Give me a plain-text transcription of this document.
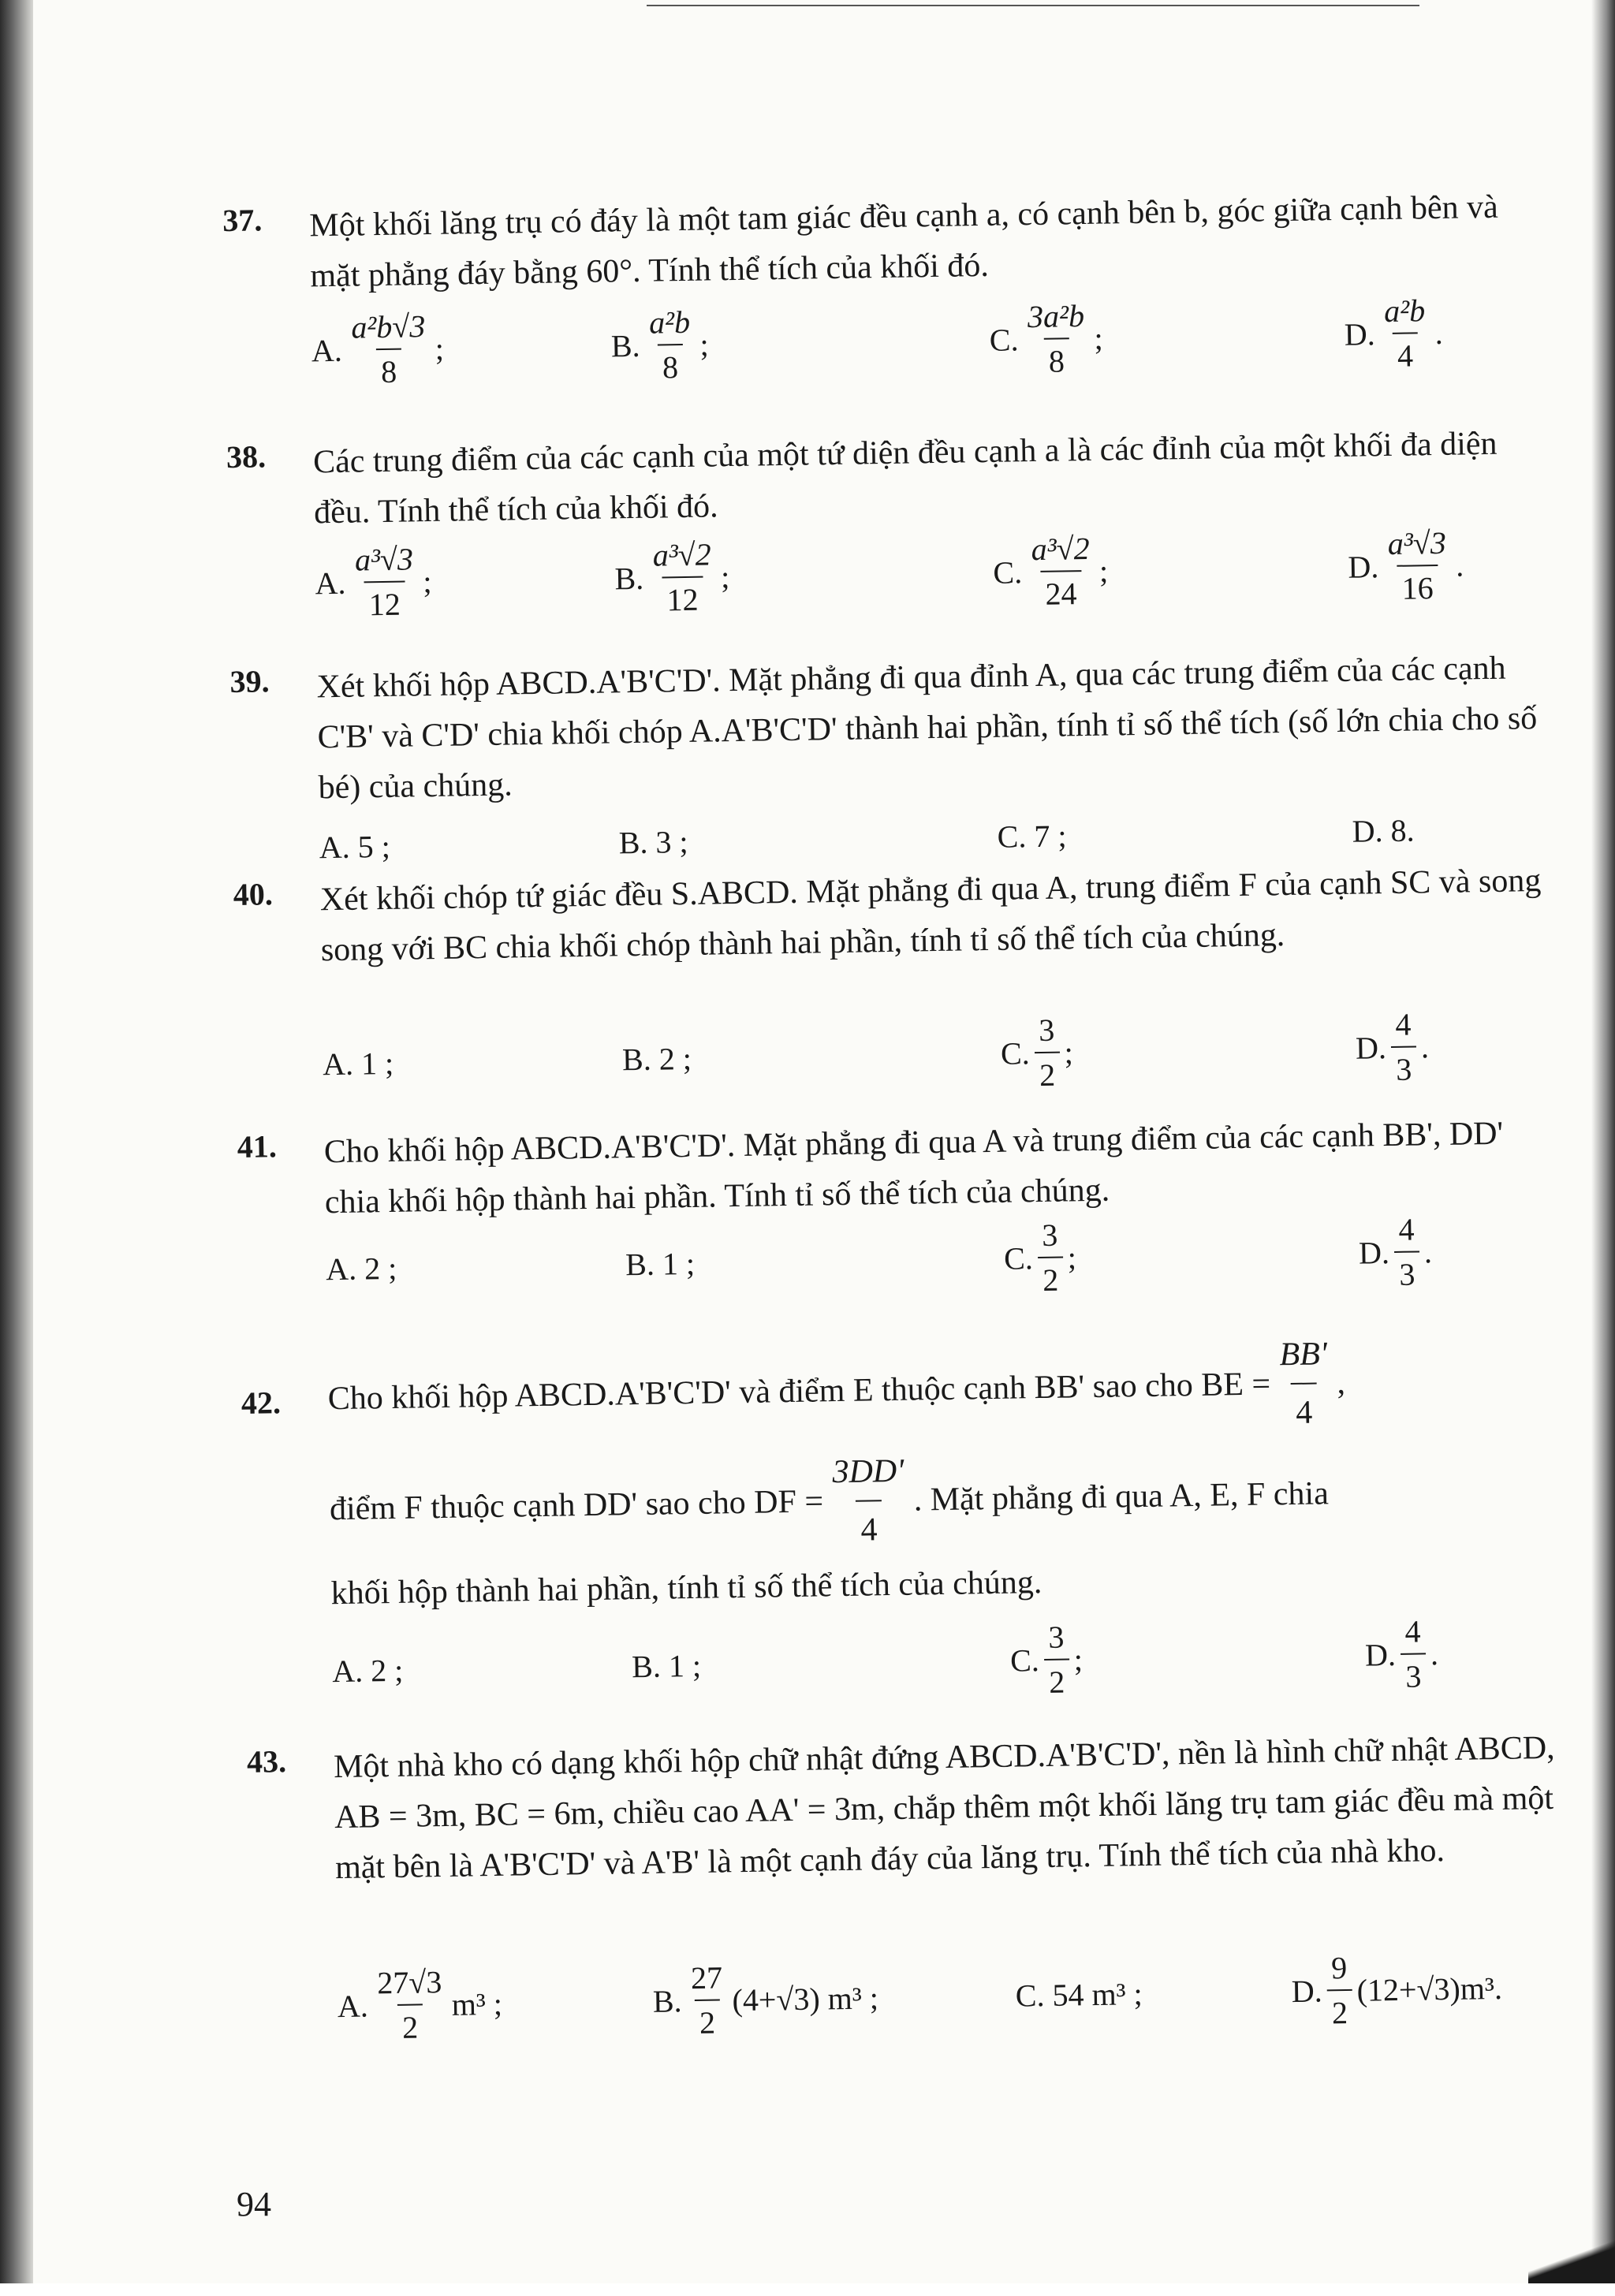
37.	Một khối lăng trụ có đáy là một tam giác đều cạnh a, có cạnh bên b, góc giữa cạnh bên và mặt phẳng đáy bằng 60°. Tính thể tích của khối đó.
A. $\frac{\text{a²b√3}}{8}$ ;	B. $\frac{\text{a²b}}{8}$ ;	C. $\frac{\text{3a²b}}{8}$ ;	D. $\frac{\text{a²b}}{4}$ .
38.	Các trung điểm của các cạnh của một tứ diện đều cạnh a là các đỉnh của một khối đa diện đều. Tính thể tích của khối đó.
A. $\frac{\text{a³√3}}{12}$ ;	B. $\frac{\text{a³√2}}{12}$ ;	C. $\frac{\text{a³√2}}{24}$ ;	D. $\frac{\text{a³√3}}{16}$ .
39.	Xét khối hộp ABCD.A'B'C'D'. Mặt phẳng đi qua đỉnh A, qua các trung điểm của các cạnh C'B' và C'D' chia khối chóp A.A'B'C'D' thành hai phần, tính tỉ số thể tích (số lớn chia cho số bé) của chúng.
A.
5 ;	B.
3 ;	C.
7 ;	D.
8.
40.	Xét khối chóp tứ giác đều S.ABCD. Mặt phẳng đi qua A, trung điểm F của cạnh SC và song song với BC chia khối chóp thành hai phần, tính tỉ số thể tích của chúng.
A.
1 ;	B.
2 ;	C. $\frac{3}{2}$ ;	D. $\frac{4}{3}$ .
41.	Cho khối hộp ABCD.A'B'C'D'. Mặt phẳng đi qua A và trung điểm của các cạnh BB', DD' chia khối hộp thành hai phần. Tính tỉ số thể tích của chúng.
A.
2 ;	B.
1 ;	C. $\frac{3}{2}$ ;	D. $\frac{4}{3}$ .
42.	Cho khối hộp ABCD.A'B'C'D' và điểm E thuộc cạnh BB' sao cho BE = $\frac{BB'}{4}$ ,
điểm F thuộc cạnh DD' sao cho DF = $\frac{3DD'}{4}$ . Mặt phẳng đi qua A, E, F chia
khối hộp thành hai phần, tính tỉ số thể tích của chúng.
A.
2 ;	B.
1 ;	C. $\frac{3}{2}$ ;	D. $\frac{4}{3}$ .
43.	Một nhà kho có dạng khối hộp chữ nhật đứng ABCD.A'B'C'D', nền là hình chữ nhật ABCD, AB = 3m, BC = 6m, chiều cao AA' = 3m, chắp thêm một khối lăng trụ tam giác đều mà một mặt bên là A'B'C'D' và A'B' là một cạnh đáy của lăng trụ. Tính thể tích của nhà kho.
A. $\frac{27√3}{2} m^3$ ;	B. $\frac{27}{2} (4+√3)$ m³ ;	C.
54 m³ ;	D. $\frac{9}{2} (12+√3)m^3$.
94
